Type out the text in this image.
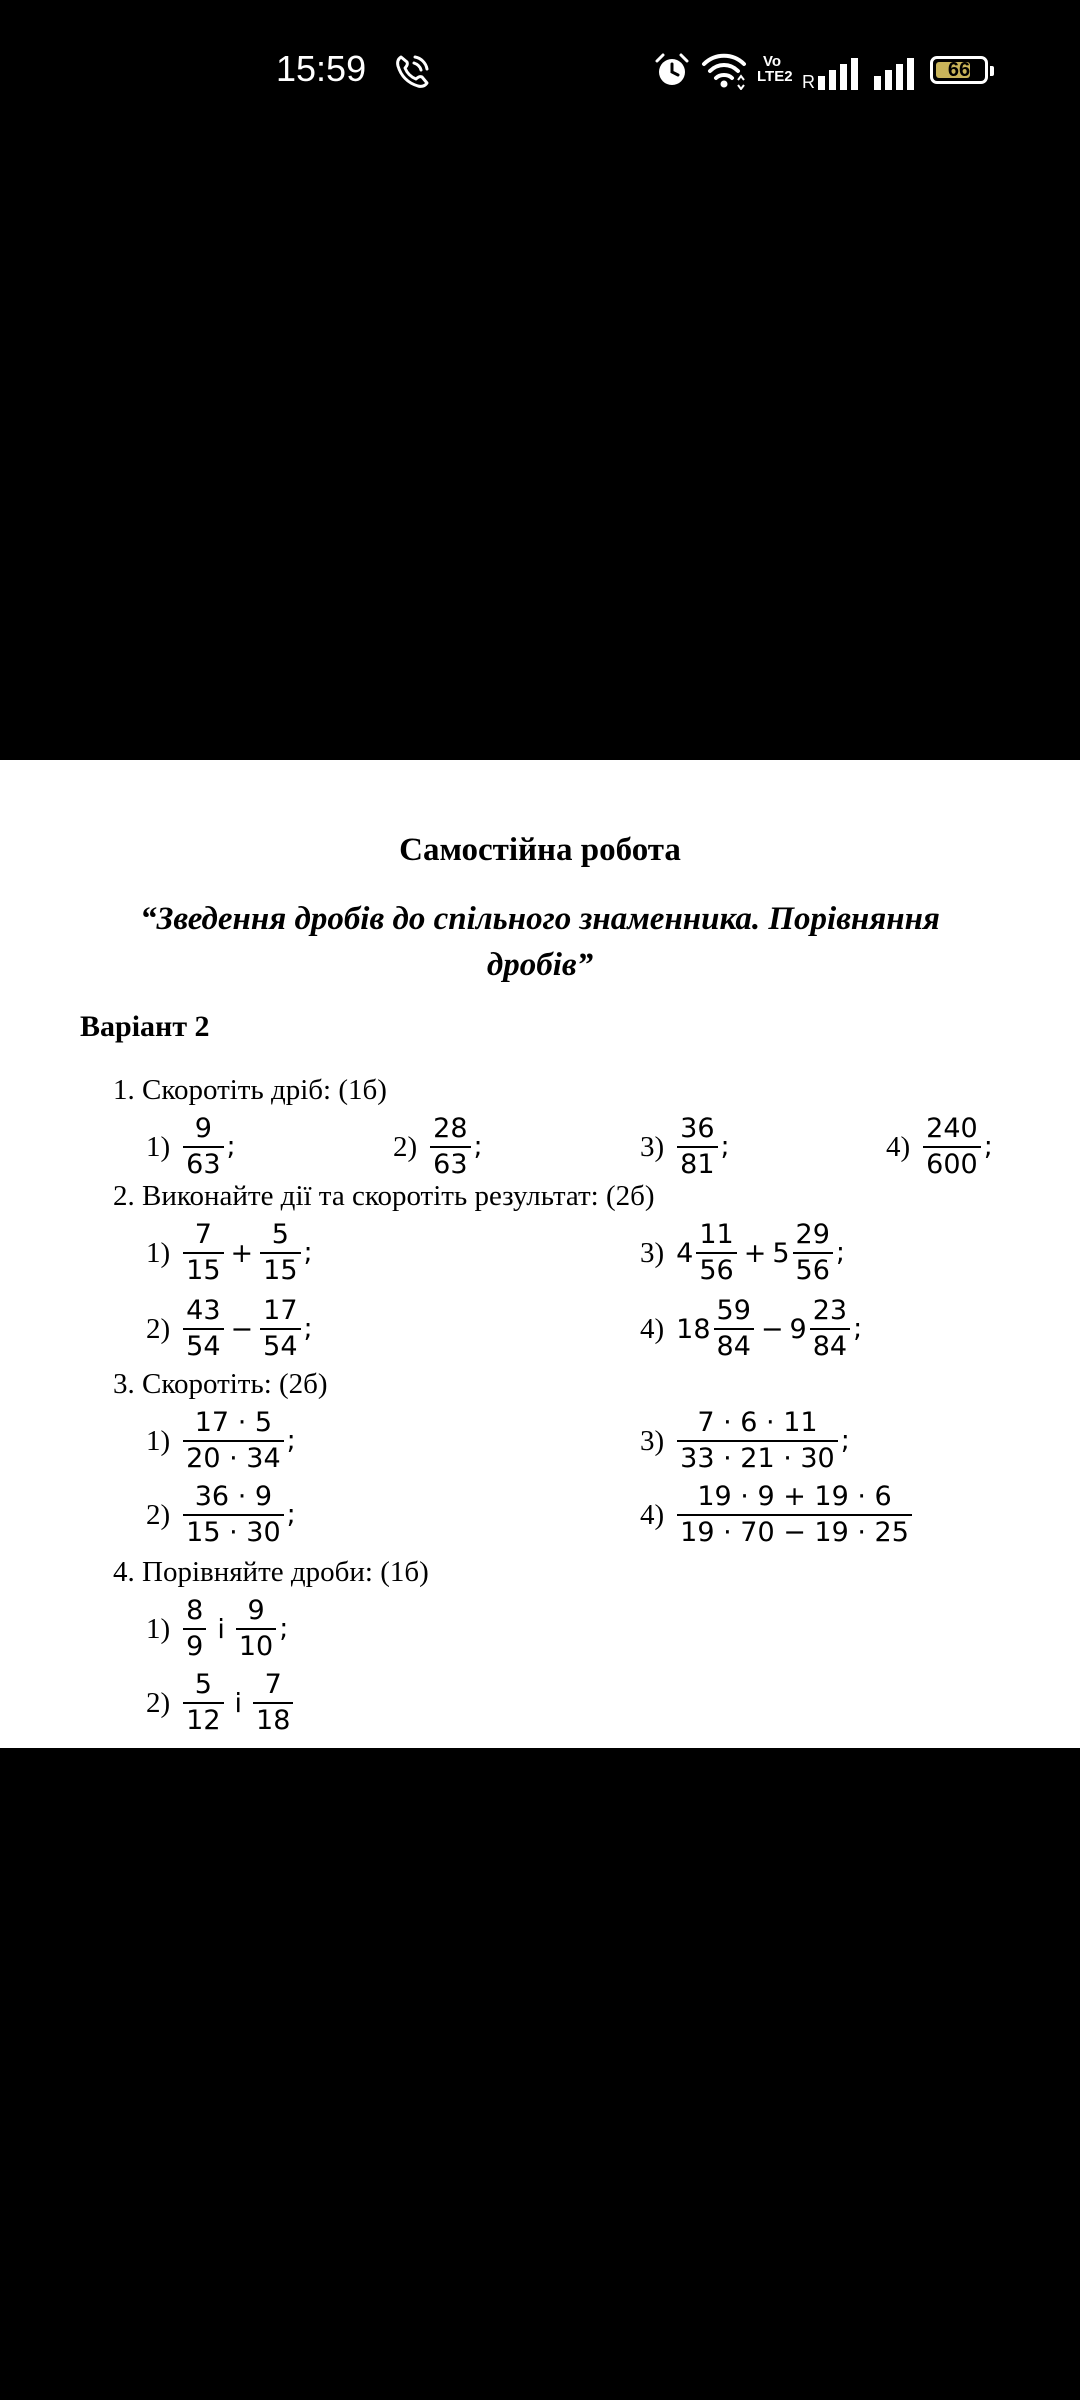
15:59	Vo LTE2 R
66
Самостійна робота
“Зведення дробів до спільного знаменника. Порівняння дробів”
Варіант 2
1. Скоротіть дріб: (1б)
$1) \frac{9}{63}$ ;	$2) \frac{28}{63}$ ;	$3) \frac{36}{81}$ ;	$4) \frac{240}{600}$ ;
2. Виконайте дії та скоротіть результат: (2б)
$1) \frac{7}{15} + \frac{5}{15}$ ;	3) $4 \frac{11}{56} + 5 \frac{29}{56}$ ;
$2) \frac{43}{54} - \frac{17}{54}$ ;	4) $18 \frac{59}{84} - 9 \frac{23}{84}$ ;
3. Скоротіть: (2б)
$1) \frac{17 \cdot 5}{20 \cdot 34}$ ;	$3) \frac{7 \cdot 6 \cdot 11}{33 \cdot 21 \cdot 30}$ ;
$2) \frac{36 \cdot 9}{15 \cdot 30}$ ;	$4) \frac{19 \cdot 9 + 19 \cdot 6}{19 \cdot 70 - 19 \cdot 25}$
4. Порівняйте дроби: (1б)
$1) \frac{8}{9}$ і $\frac{9}{10}$ ;
$2) \frac{5}{12}$ і $\frac{7}{18}$
